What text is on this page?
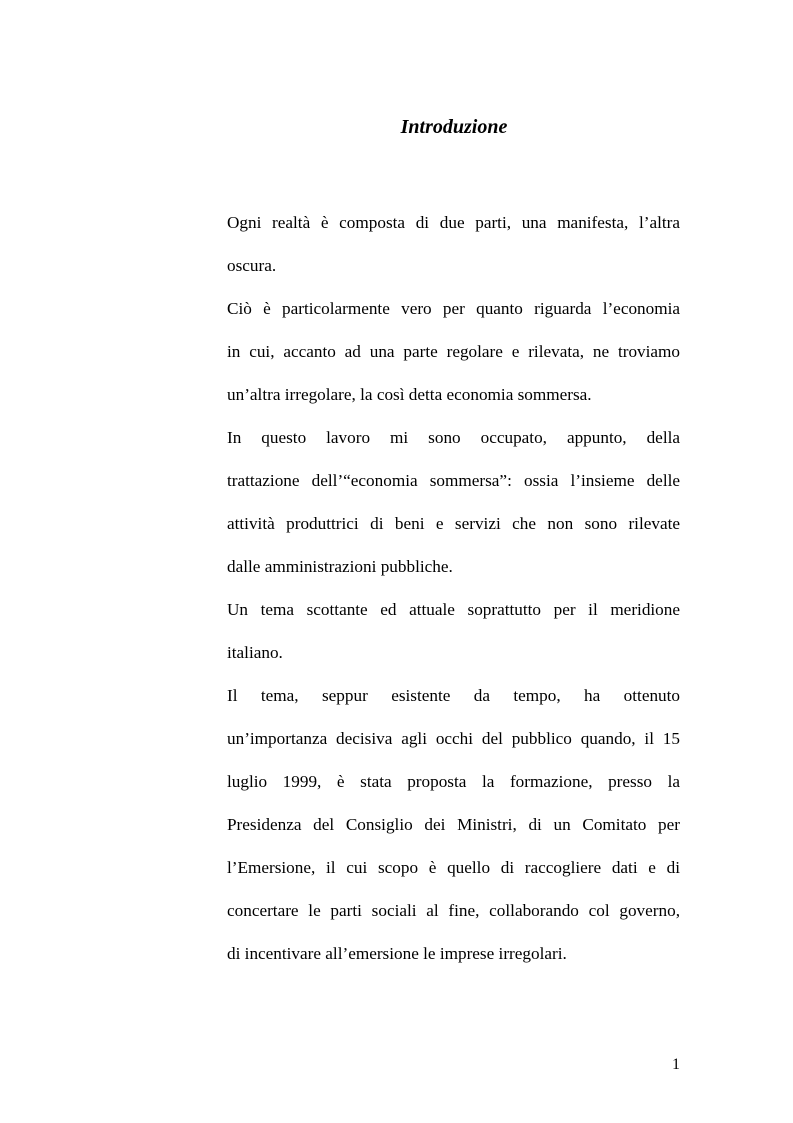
Introduzione
Ogni realtà è composta di due parti, una manifesta, l’altra
oscura.
Ciò è particolarmente vero per quanto riguarda l’economia
in cui, accanto ad una parte regolare e rilevata, ne troviamo
un’altra irregolare, la così detta economia sommersa.
In questo lavoro mi sono occupato, appunto, della
trattazione dell’“economia sommersa”: ossia l’insieme delle
attività produttrici di beni e servizi che non sono rilevate
dalle amministrazioni pubbliche.
Un tema scottante ed attuale soprattutto per il meridione
italiano.
Il tema, seppur esistente da tempo, ha ottenuto
un’importanza decisiva agli occhi del pubblico quando, il 15
luglio 1999, è stata proposta la formazione, presso la
Presidenza del Consiglio dei Ministri, di un Comitato per
l’Emersione, il cui scopo è quello di raccogliere dati e di
concertare le parti sociali al fine, collaborando col governo,
di incentivare all’emersione le imprese irregolari.
1
